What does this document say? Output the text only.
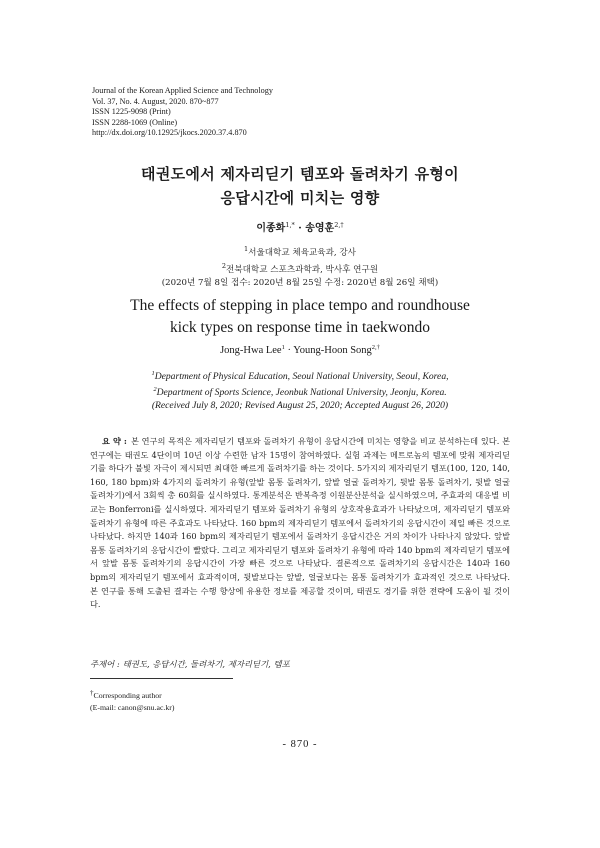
Journal of the Korean Applied Science and Technology
Vol. 37, No. 4. August, 2020. 870~877
ISSN 1225-9098 (Print)
ISSN 2288-1069 (Online)
http://dx.doi.org/10.12925/jkocs.2020.37.4.870
태권도에서 제자리딛기 템포와 돌려차기 유형이
응답시간에 미치는 영향
이종화$^{1,*}$ · 송영훈$^{2,\dagger}$
$^1$서울대학교 체육교육과, 강사
$^2$전북대학교 스포츠과학과, 박사후 연구원
(2020년 7월 8일 접수: 2020년 8월 25일 수정: 2020년 8월 26일 채택)
The effects of stepping in place tempo and roundhouse
kick types on response time in taekwondo
Jong-Hwa Lee$^1$ · Young-Hoon Song$^{2,\dagger}$
$^1$Department of Physical Education, Seoul National University, Seoul, Korea,
$^2$Department of Sports Science, Jeonbuk National University, Jeonju, Korea.
(Received July 8, 2020; Revised August 25, 2020; Accepted August 26, 2020)
요 약 : 본 연구의 목적은 제자리딛기 템포와 돌려차기 유형이 응답시간에 미치는 영향을 비교 분석하는데 있다. 본 연구에는 태권도 4단이며 10년 이상 수련한 남자 15명이 참여하였다. 실험 과제는 메트로놈의 템포에 맞춰 제자리딛기를 하다가 불빛 자극이 제시되면 최대한 빠르게 돌려차기를 하는 것이다. 5가지의 제자리딛기 템포(100, 120, 140, 160, 180 bpm)와 4가지의 돌려차기 유형(앞발 몸통 돌려차기, 앞발 얼굴 돌려차기, 뒷발 몸통 돌려차기, 뒷발 얼굴 돌려차기)에서 3회씩 총 60회를 실시하였다. 통계분석은 반복측정 이원분산분석을 실시하였으며, 주효과의 대응별 비교는 Bonferroni를 실시하였다. 제자리딛기 템포와 돌려차기 유형의 상호작용효과가 나타났으며, 제자리딛기 템포와 돌려차기 유형에 따른 주효과도 나타났다. 160 bpm의 제자리딛기 템포에서 돌려차기의 응답시간이 제일 빠른 것으로 나타났다. 하지만 140과 160 bpm의 제자리딛기 템포에서 돌려차기 응답시간은 거의 차이가 나타나지 않았다. 앞발 몸통 돌려차기의 응답시간이 빨랐다. 그리고 제자리딛기 템포와 돌려차기 유형에 따라 140 bpm의 제자리딛기 템포에서 앞발 몸통 돌려차기의 응답시간이 가장 빠른 것으로 나타났다. 결론적으로 돌려차기의 응답시간은 140과 160 bpm의 제자리딛기 템포에서 효과적이며, 뒷발보다는 앞발, 얼굴보다는 몸통 돌려차기가 효과적인 것으로 나타났다. 본 연구를 통해 도출된 결과는 수행 향상에 유용한 정보를 제공할 것이며, 태권도 경기를 위한 전략에 도움이 될 것이다.
주제어 : 태권도, 응답시간, 돌려차기, 제자리딛기, 템포
†Corresponding author
(E-mail: canon@snu.ac.kr)
- 870 -
